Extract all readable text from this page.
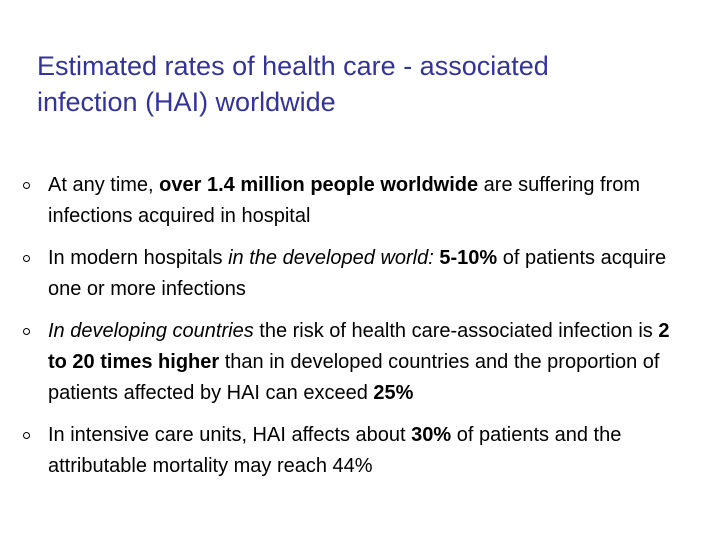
Estimated rates of health care - associated
infection (HAI) worldwide
At any time, over 1.4 million people worldwide are suffering from infections acquired in hospital
In modern hospitals in the developed world: 5-10% of patients acquire one or more infections
In developing countries the risk of health care-associated infection is 2 to 20 times higher than in developed countries and the proportion of patients affected by HAI can exceed 25%
In intensive care units, HAI affects about 30% of patients and the attributable mortality may reach 44%
